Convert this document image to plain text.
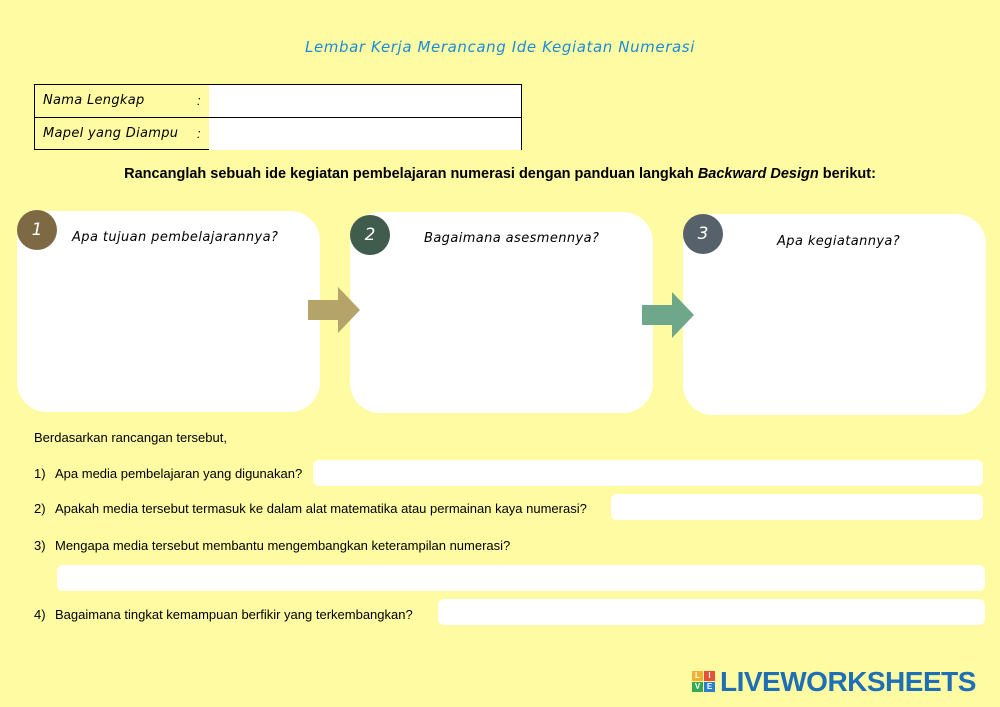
Lembar Kerja Merancang Ide Kegiatan Numerasi
Nama Lengkap	:
Mapel yang Diampu :
Rancanglah sebuah ide kegiatan pembelajaran numerasi dengan panduan langkah Backward Design berikut:
1	2	3
Apa tujuan pembelajarannya?	Bagaimana asesmennya?	Apa kegiatannya?
Berdasarkan rancangan tersebut,
1) Apa media pembelajaran yang digunakan?
2) Apakah media tersebut termasuk ke dalam alat matematika atau permainan kaya numerasi?
3) Mengapa media tersebut membantu mengembangkan keterampilan numerasi?
4) Bagaimana tingkat kemampuan berfikir yang terkembangkan?
L	I
V E LIVEWORKSHEETS
